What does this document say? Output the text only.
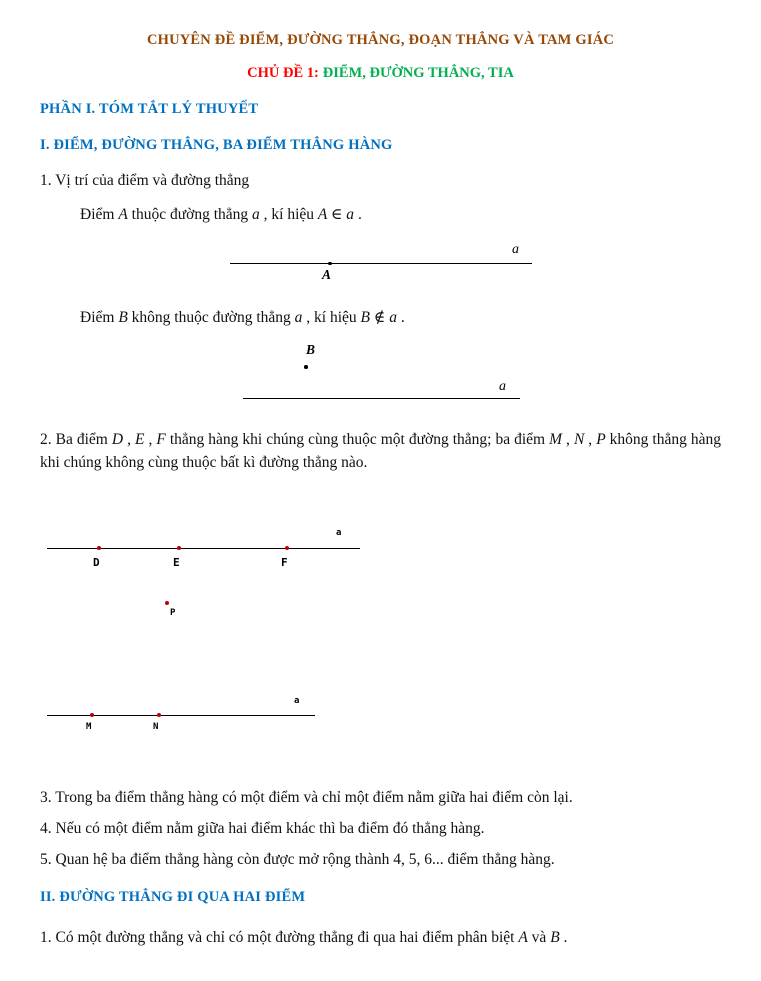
CHUYÊN ĐỀ ĐIỂM, ĐƯỜNG THẲNG, ĐOẠN THẲNG VÀ TAM GIÁC
CHỦ ĐỀ 1: ĐIỂM, ĐƯỜNG THẲNG, TIA
PHẦN I. TÓM TẮT LÝ THUYẾT
I. ĐIỂM, ĐƯỜNG THẲNG, BA ĐIỂM THẲNG HÀNG
1. Vị trí của điểm và đường thẳng
Điểm A thuộc đường thẳng a , kí hiệu A ∈ a .
a
A
Điểm B không thuộc đường thẳng a , kí hiệu B ∉ a .
B
a
2. Ba điểm D , E , F thẳng hàng khi chúng cùng thuộc một đường thẳng; ba điểm M , N , P không thẳng hàng khi chúng không cùng thuộc bất kì đường thẳng nào.
a
D	E	F
P
a
M	N
3. Trong ba điểm thẳng hàng có một điểm và chỉ một điểm nằm giữa hai điểm còn lại.
4. Nếu có một điểm nằm giữa hai điểm khác thì ba điểm đó thẳng hàng.
5. Quan hệ ba điểm thẳng hàng còn được mở rộng thành 4, 5, 6... điểm thẳng hàng.
II. ĐƯỜNG THẲNG ĐI QUA HAI ĐIỂM
1. Có một đường thẳng và chỉ có một đường thẳng đi qua hai điểm phân biệt A và B .
